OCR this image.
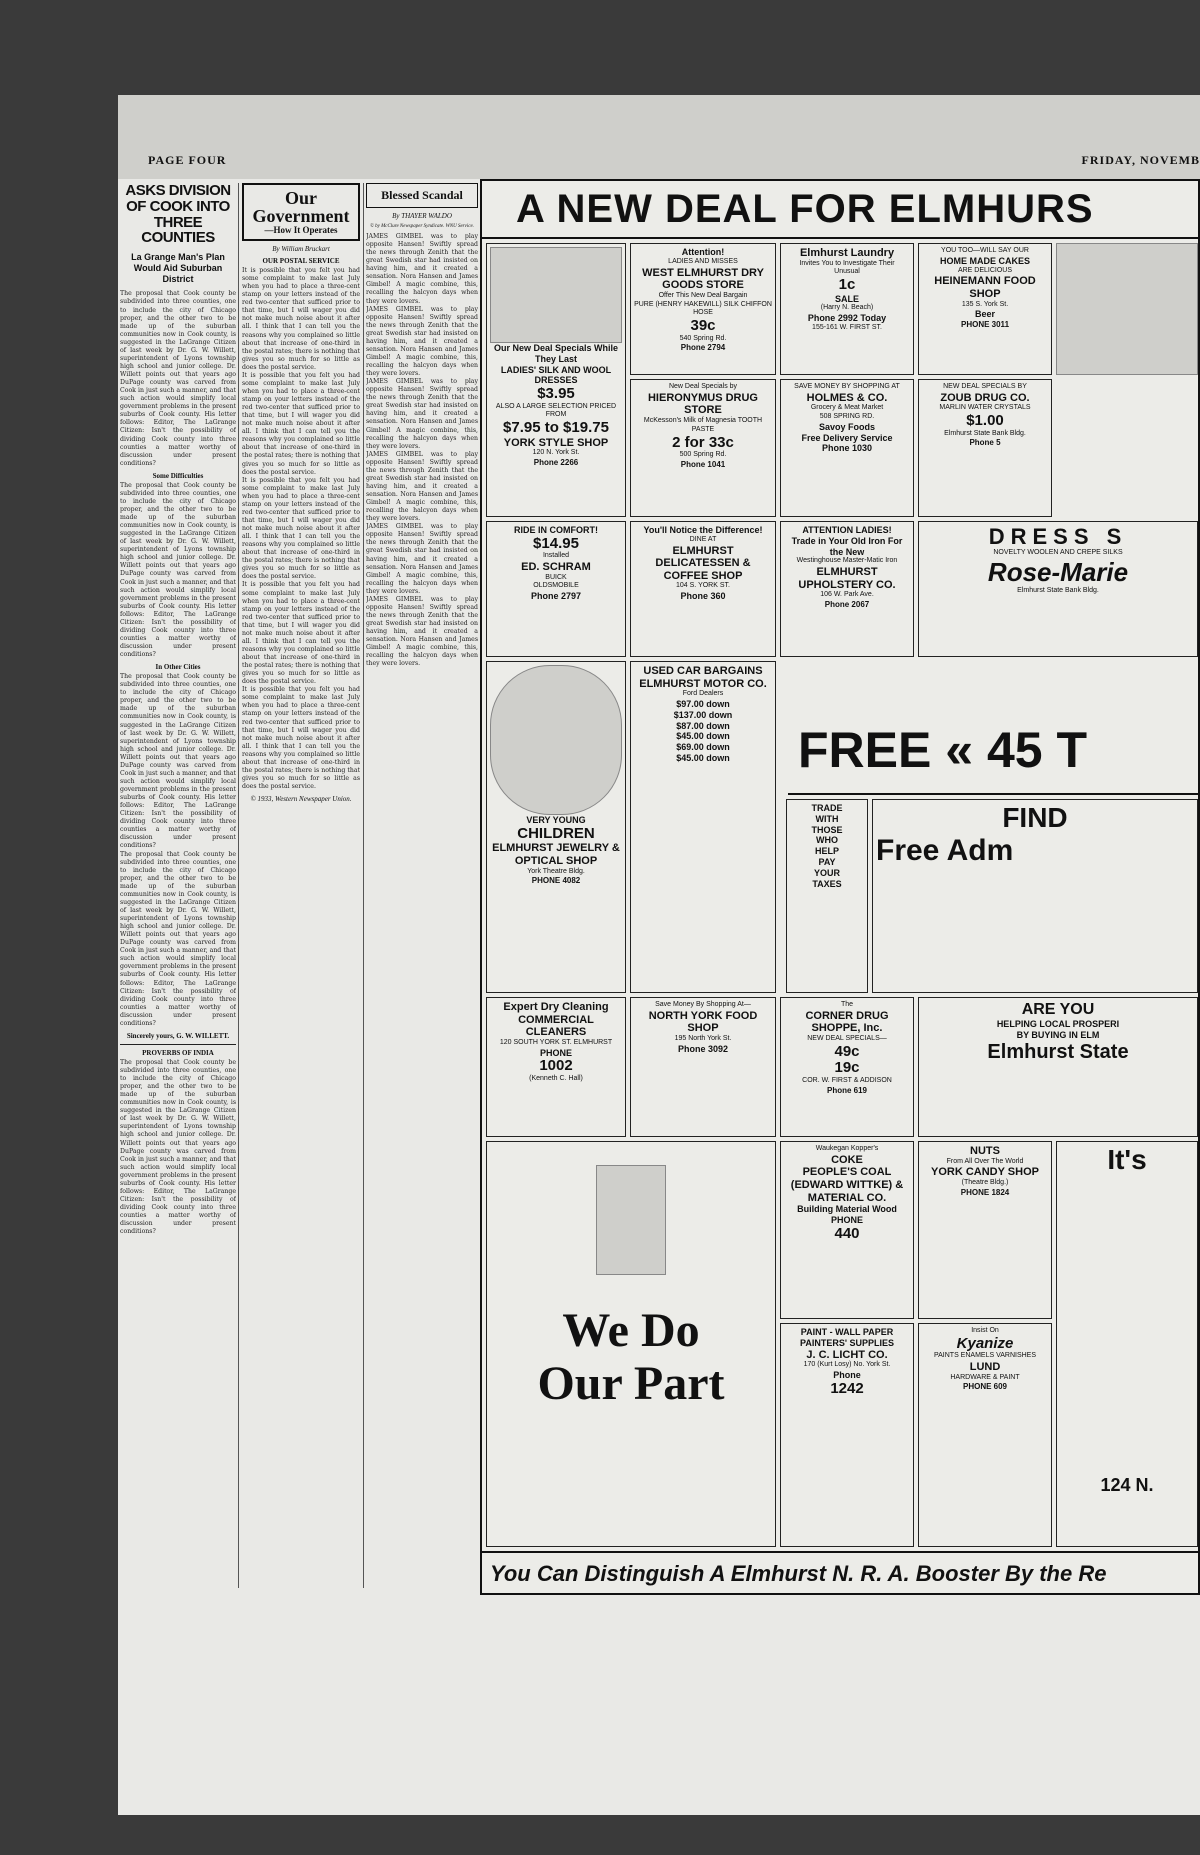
PAGE FOUR	FRIDAY, NOVEMB
ASKS DIVISION OF COOK INTO THREE COUNTIES
La Grange Man's Plan Would Aid Suburban District
The proposal that Cook county be subdivided into three counties, one to include the city of Chicago proper, and the other two to be made up of the suburban communities now in Cook county, is suggested in the LaGrange Citizen of last week by Dr. G. W. Willett, superintendent of Lyons township high school and junior college. Dr. Willett points out that years ago DuPage county was carved from Cook in just such a manner, and that such action would simplify local government problems in the present suburbs of Cook county. His letter follows: Editor, The LaGrange Citizen: Isn't the possibility of dividing Cook county into three counties a matter worthy of discussion under present conditions?
Some Difficulties
The proposal that Cook county be subdivided into three counties, one to include the city of Chicago proper, and the other two to be made up of the suburban communities now in Cook county, is suggested in the LaGrange Citizen of last week by Dr. G. W. Willett, superintendent of Lyons township high school and junior college. Dr. Willett points out that years ago DuPage county was carved from Cook in just such a manner, and that such action would simplify local government problems in the present suburbs of Cook county. His letter follows: Editor, The LaGrange Citizen: Isn't the possibility of dividing Cook county into three counties a matter worthy of discussion under present conditions?
In Other Cities
The proposal that Cook county be subdivided into three counties, one to include the city of Chicago proper, and the other two to be made up of the suburban communities now in Cook county, is suggested in the LaGrange Citizen of last week by Dr. G. W. Willett, superintendent of Lyons township high school and junior college. Dr. Willett points out that years ago DuPage county was carved from Cook in just such a manner, and that such action would simplify local government problems in the present suburbs of Cook county. His letter follows: Editor, The LaGrange Citizen: Isn't the possibility of dividing Cook county into three counties a matter worthy of discussion under present conditions?
The proposal that Cook county be subdivided into three counties, one to include the city of Chicago proper, and the other two to be made up of the suburban communities now in Cook county, is suggested in the LaGrange Citizen of last week by Dr. G. W. Willett, superintendent of Lyons township high school and junior college. Dr. Willett points out that years ago DuPage county was carved from Cook in just such a manner, and that such action would simplify local government problems in the present suburbs of Cook county. His letter follows: Editor, The LaGrange Citizen: Isn't the possibility of dividing Cook county into three counties a matter worthy of discussion under present conditions?
Sincerely yours, G. W. WILLETT.
PROVERBS OF INDIA
The proposal that Cook county be subdivided into three counties, one to include the city of Chicago proper, and the other two to be made up of the suburban communities now in Cook county, is suggested in the LaGrange Citizen of last week by Dr. G. W. Willett, superintendent of Lyons township high school and junior college. Dr. Willett points out that years ago DuPage county was carved from Cook in just such a manner, and that such action would simplify local government problems in the present suburbs of Cook county. His letter follows: Editor, The LaGrange Citizen: Isn't the possibility of dividing Cook county into three counties a matter worthy of discussion under present conditions?
Our Government
—How It Operates
By William Bruckart
OUR POSTAL SERVICE
It is possible that you felt you had some complaint to make last July when you had to place a three-cent stamp on your letters instead of the red two-center that sufficed prior to that time, but I will wager you did not make much noise about it after all. I think that I can tell you the reasons why you complained so little about that increase of one-third in the postal rates; there is nothing that gives you so much for so little as does the postal service.
It is possible that you felt you had some complaint to make last July when you had to place a three-cent stamp on your letters instead of the red two-center that sufficed prior to that time, but I will wager you did not make much noise about it after all. I think that I can tell you the reasons why you complained so little about that increase of one-third in the postal rates; there is nothing that gives you so much for so little as does the postal service.
It is possible that you felt you had some complaint to make last July when you had to place a three-cent stamp on your letters instead of the red two-center that sufficed prior to that time, but I will wager you did not make much noise about it after all. I think that I can tell you the reasons why you complained so little about that increase of one-third in the postal rates; there is nothing that gives you so much for so little as does the postal service.
It is possible that you felt you had some complaint to make last July when you had to place a three-cent stamp on your letters instead of the red two-center that sufficed prior to that time, but I will wager you did not make much noise about it after all. I think that I can tell you the reasons why you complained so little about that increase of one-third in the postal rates; there is nothing that gives you so much for so little as does the postal service.
It is possible that you felt you had some complaint to make last July when you had to place a three-cent stamp on your letters instead of the red two-center that sufficed prior to that time, but I will wager you did not make much noise about it after all. I think that I can tell you the reasons why you complained so little about that increase of one-third in the postal rates; there is nothing that gives you so much for so little as does the postal service.
© 1933, Western Newspaper Union.
Blessed Scandal
By THAYER WALDO
© by McClure Newspaper Syndicate. WNU Service.
JAMES GIMBEL was to play opposite Hansen! Swiftly spread the news through Zenith that the great Swedish star had insisted on having him, and it created a sensation. Nora Hansen and James Gimbel! A magic combine, this, recalling the halcyon days when they were lovers.
JAMES GIMBEL was to play opposite Hansen! Swiftly spread the news through Zenith that the great Swedish star had insisted on having him, and it created a sensation. Nora Hansen and James Gimbel! A magic combine, this, recalling the halcyon days when they were lovers.
JAMES GIMBEL was to play opposite Hansen! Swiftly spread the news through Zenith that the great Swedish star had insisted on having him, and it created a sensation. Nora Hansen and James Gimbel! A magic combine, this, recalling the halcyon days when they were lovers.
JAMES GIMBEL was to play opposite Hansen! Swiftly spread the news through Zenith that the great Swedish star had insisted on having him, and it created a sensation. Nora Hansen and James Gimbel! A magic combine, this, recalling the halcyon days when they were lovers.
JAMES GIMBEL was to play opposite Hansen! Swiftly spread the news through Zenith that the great Swedish star had insisted on having him, and it created a sensation. Nora Hansen and James Gimbel! A magic combine, this, recalling the halcyon days when they were lovers.
JAMES GIMBEL was to play opposite Hansen! Swiftly spread the news through Zenith that the great Swedish star had insisted on having him, and it created a sensation. Nora Hansen and James Gimbel! A magic combine, this, recalling the halcyon days when they were lovers.
A NEW DEAL FOR ELMHURS
Our New Deal Specials While They Last
LADIES' SILK AND WOOL DRESSES
$3.95
ALSO A LARGE SELECTION PRICED FROM
$7.95 to $19.75
YORK STYLE SHOP
120 N. York St.
Phone 2266
Attention!
LADIES AND MISSES
WEST ELMHURST DRY GOODS STORE
Offer This New Deal Bargain
PURE (HENRY HAKEWILL) SILK CHIFFON HOSE
39c
540 Spring Rd.
Phone 2794
Elmhurst Laundry
Invites You to Investigate Their
Unusual
1c
SALE
(Harry N. Beach)
Phone 2992 Today
155-161 W. FIRST ST.
YOU TOO—WILL SAY OUR
HOME MADE CAKES
ARE DELICIOUS
HEINEMANN FOOD SHOP
135 S. York St.
Beer
PHONE 3011
New Deal Specials by
HIERONYMUS DRUG STORE
McKesson's Milk of Magnesia TOOTH PASTE
2 for 33c
500 Spring Rd.
Phone 1041
SAVE MONEY BY SHOPPING AT
HOLMES & CO.
Grocery & Meat Market
508 SPRING RD.
Savoy Foods
Free Delivery Service
Phone 1030
NEW DEAL SPECIALS BY
ZOUB DRUG CO.
MARLIN WATER CRYSTALS
$1.00
Elmhurst State Bank Bldg.
Phone 5
RIDE IN COMFORT!
$14.95
Installed
ED. SCHRAM
BUICK
OLDSMOBILE
Phone 2797
You'll Notice the Difference!
DINE AT
ELMHURST DELICATESSEN & COFFEE SHOP
104 S. YORK ST.
Phone 360
ATTENTION LADIES!
Trade in Your Old Iron For the New
Westinghouse Master-Matic Iron
ELMHURST UPHOLSTERY CO.
106 W. Park Ave.
Phone 2067
DRESS S
NOVELTY WOOLEN AND CREPE SILKS
Rose-Marie
Elmhurst State Bank Bldg.
VERY YOUNG
CHILDREN
ELMHURST JEWELRY & OPTICAL SHOP
York Theatre Bldg.
PHONE 4082
USED CAR BARGAINS
ELMHURST MOTOR CO.
Ford Dealers
$97.00 down
$137.00 down
$87.00 down
$45.00 down
$69.00 down
$45.00 down	FREE « 45 T
TRADE
WITH
THOSE
WHO
HELP
PAY
YOUR
TAXES
FIND
Free Adm
Expert Dry Cleaning
COMMERCIAL CLEANERS
120 SOUTH YORK ST. ELMHURST
PHONE
1002
(Kenneth C. Hall)
Save Money By Shopping At—
NORTH YORK FOOD SHOP
195 North York St.
Phone 3092
The
CORNER DRUG SHOPPE, Inc.
NEW DEAL SPECIALS—
49c
19c
COR. W. FIRST & ADDISON
Phone 619
ARE YOU
HELPING LOCAL PROSPERI
BY BUYING IN ELM
Elmhurst State
We Do
Our Part
Waukegan Kopper's
COKE
PEOPLE'S COAL (EDWARD WITTKE) & MATERIAL CO.
Building Material Wood
PHONE
440
NUTS
From All Over The World
YORK CANDY SHOP
(Theatre Bldg.)
PHONE 1824
It's
124 N.
PAINT - WALL PAPER PAINTERS' SUPPLIES
J. C. LICHT CO.
170 (Kurt Losy) No. York St.
Phone
1242
Insist On
Kyanize
PAINTS ENAMELS VARNISHES
LUND
HARDWARE & PAINT
PHONE 609
You Can Distinguish A Elmhurst N. R. A. Booster By the Re
